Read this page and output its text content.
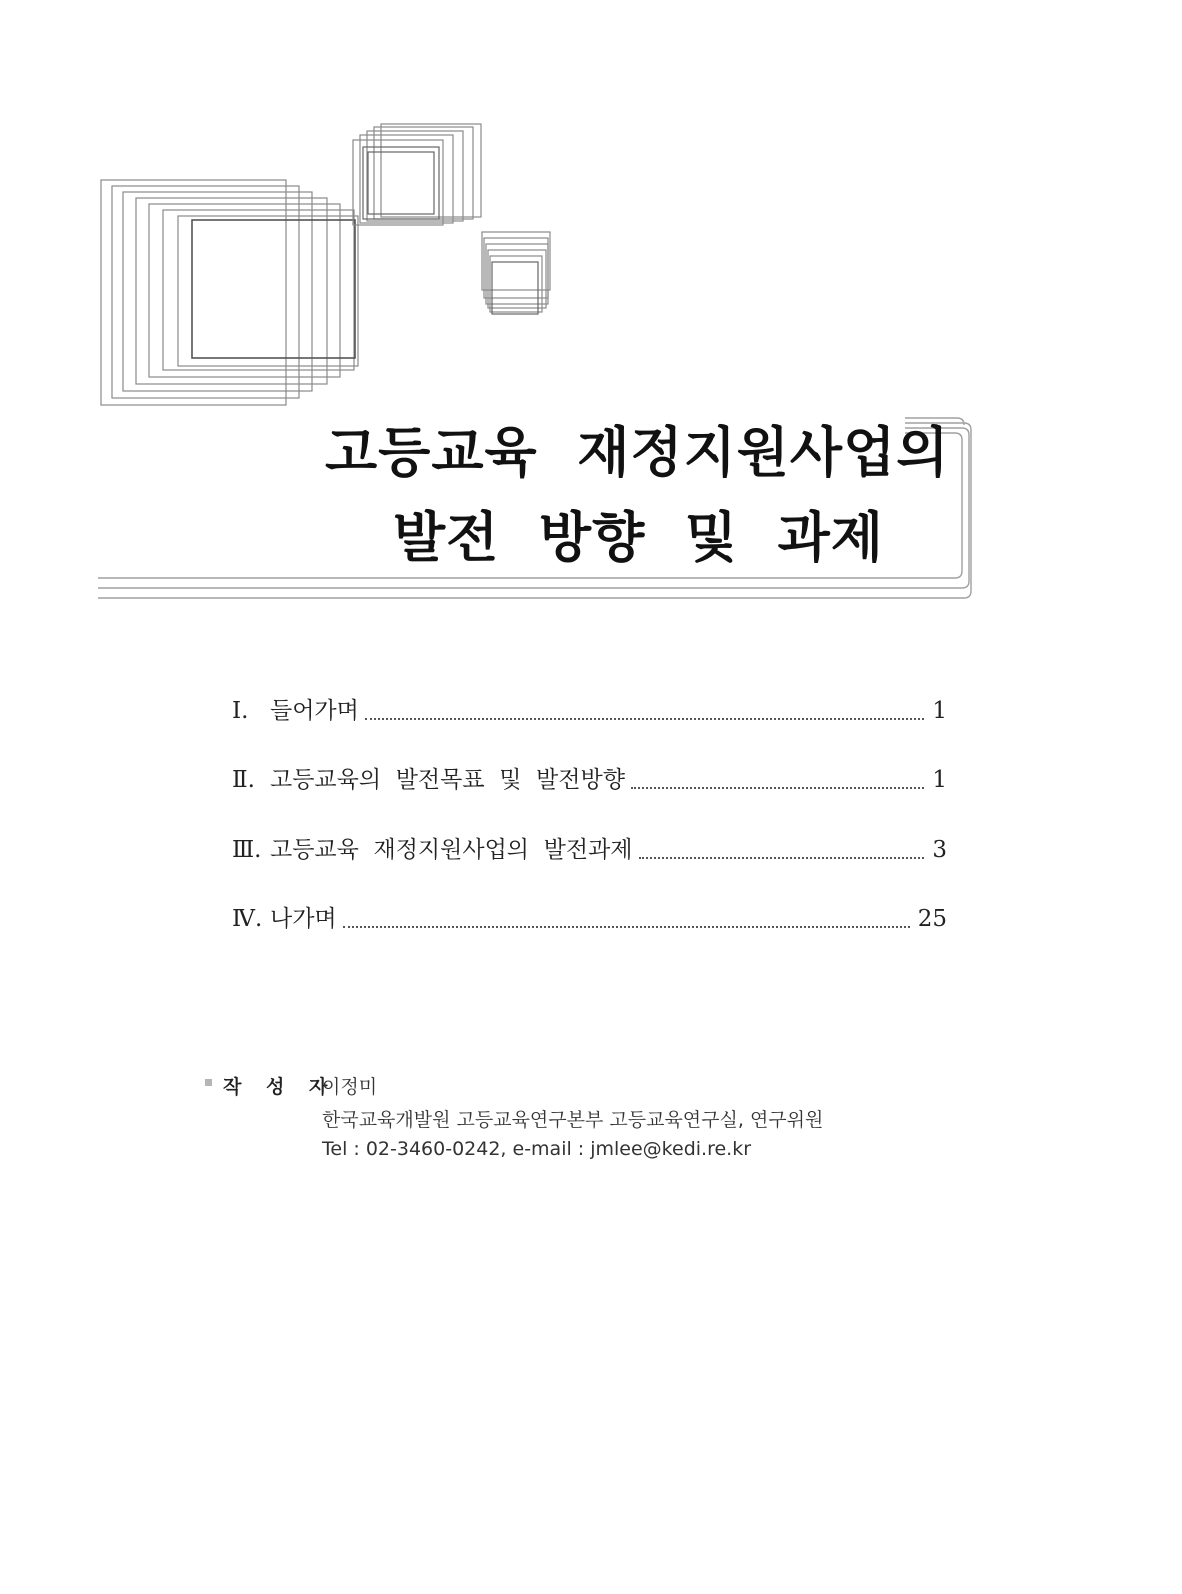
고등교육  재정지원사업의
발전  방향  및  과제
Ⅰ. 들어가며	1
Ⅱ. 고등교육의  발전목표  및  발전방향	1
Ⅲ. 고등교육  재정지원사업의  발전과제	3
Ⅳ. 나가며	25
작 성 자
이정미
한국교육개발원 고등교육연구본부 고등교육연구실, 연구위원
Tel : 02-3460-0242, e-mail : jmlee@kedi.re.kr
